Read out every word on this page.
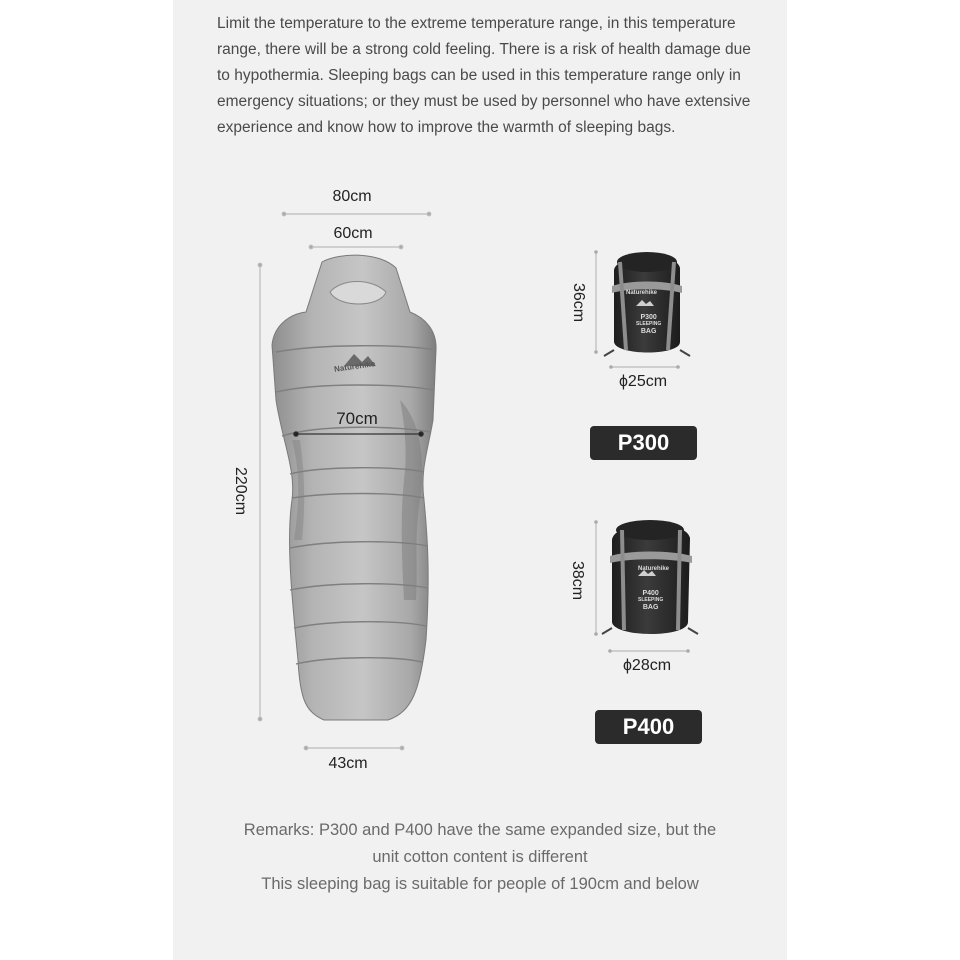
Limit the temperature to the extreme temperature range, in this temperature range, there will be a strong cold feeling. There is a risk of health damage due to hypothermia. Sleeping bags can be used in this temperature range only in emergency situations; or they must be used by personnel who have extensive experience and know how to improve the warmth of sleeping bags.
80cm
60cm
70cm
220cm
43cm
Naturehike
36cm
ϕ25cm
Naturehike
P300
SLEEPING
BAG
P300
38cm
ϕ28cm
Naturehike
P400
SLEEPING
BAG
P400
Remarks: P300 and P400 have the same expanded size, but the
unit cotton content is different
This sleeping bag is suitable for people of 190cm and below
